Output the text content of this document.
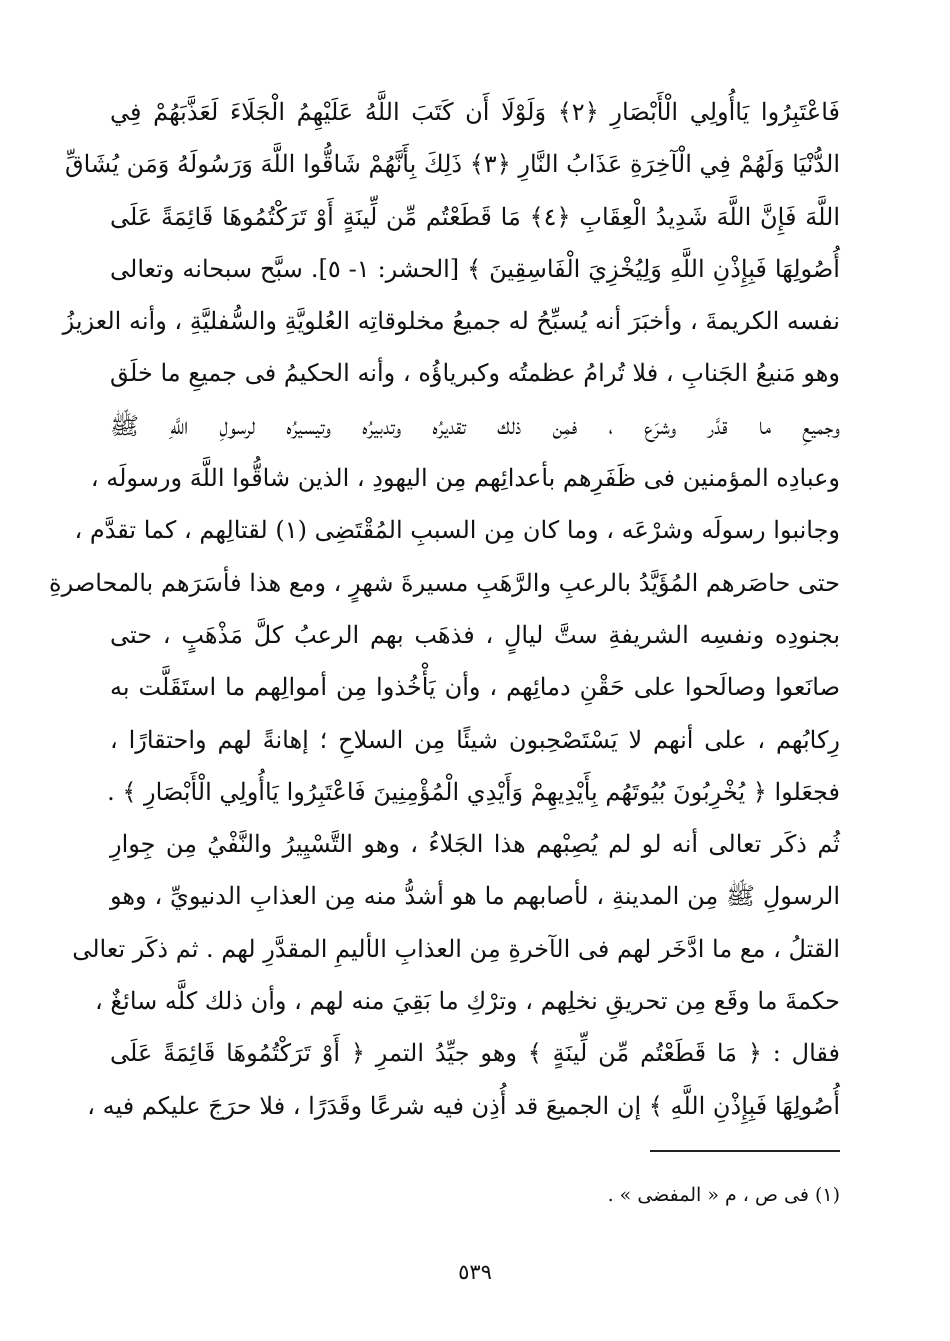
فَاعْتَبِرُوا يَاأُولِي الْأَبْصَارِ ﴿٢﴾ وَلَوْلَا أَن كَتَبَ اللَّهُ عَلَيْهِمُ الْجَلَاءَ لَعَذَّبَهُمْ فِي
الدُّنْيَا وَلَهُمْ فِي الْآخِرَةِ عَذَابُ النَّارِ ﴿٣﴾ ذَلِكَ بِأَنَّهُمْ شَاقُّوا اللَّهَ وَرَسُولَهُ وَمَن يُشَاقِّ
اللَّهَ فَإِنَّ اللَّهَ شَدِيدُ الْعِقَابِ ﴿٤﴾ مَا قَطَعْتُم مِّن لِّينَةٍ أَوْ تَرَكْتُمُوهَا قَائِمَةً عَلَى
أُصُولِهَا فَبِإِذْنِ اللَّهِ وَلِيُخْزِيَ الْفَاسِقِينَ ﴾ [الحشر: ١- ٥]. سبَّح سبحانه وتعالى
نفسه الكريمةَ ، وأخبَرَ أنه يُسبِّحُ له جميعُ مخلوقاتِه العُلويَّةِ والسُّفليَّةِ ، وأنه العزيزُ
وهو مَنيعُ الجَنابِ ، فلا تُرامُ عظمتُه وكبرياؤُه ، وأنه الحكيمُ فى جميعِ ما خلَق
وجميعِ ما قدَّر وشرَع ، فمِن ذلك تقديرُه وتدبيرُه وتيسيرُه لرسولِ اللَّهِ ﷺ
وعبادِه المؤمنين فى ظَفَرِهم بأعدائِهم مِن اليهودِ ، الذين شاقُّوا اللَّهَ ورسولَه ،
وجانبوا رسولَه وشرْعَه ، وما كان مِن السببِ المُقْتَضِى (١) لقتالِهم ، كما تقدَّم ،
حتى حاصَرهم المُؤَيَّدُ بالرعبِ والرَّهَبِ مسيرةَ شهرٍ ، ومع هذا فأسَرَهم بالمحاصرةِ
بجنودِه ونفسِه الشريفةِ ستَّ ليالٍ ، فذهَب بهم الرعبُ كلَّ مَذْهَبٍ ، حتى
صانَعوا وصالَحوا على حَقْنِ دمائِهم ، وأن يَأْخُذوا مِن أموالِهم ما استَقَلَّت به
رِكابُهم ، على أنهم لا يَسْتَصْحِبون شيئًا مِن السلاحِ ؛ إهانةً لهم واحتقارًا ،
فجعَلوا ﴿ يُخْرِبُونَ بُيُوتَهُم بِأَيْدِيهِمْ وَأَيْدِي الْمُؤْمِنِينَ فَاعْتَبِرُوا يَاأُولِي الْأَبْصَارِ ﴾ .
ثُم ذكَر تعالى أنه لو لم يُصِبْهم هذا الجَلاءُ ، وهو التَّسْيِيرُ والنَّفْيُ مِن جِوارِ
الرسولِ ﷺ مِن المدينةِ ، لأصابهم ما هو أشدُّ منه مِن العذابِ الدنيويِّ ، وهو
القتلُ ، مع ما ادَّخَر لهم فى الآخرةِ مِن العذابِ الأليمِ المقدَّرِ لهم . ثم ذكَر تعالى
حكمةَ ما وقَع مِن تحريقِ نخلِهم ، وترْكِ ما بَقِيَ منه لهم ، وأن ذلك كلَّه سائغٌ ،
فقال : ﴿ مَا قَطَعْتُم مِّن لِّينَةٍ ﴾ وهو جيِّدُ التمرِ ﴿ أَوْ تَرَكْتُمُوهَا قَائِمَةً عَلَى
أُصُولِهَا فَبِإِذْنِ اللَّهِ ﴾ إن الجميعَ قد أُذِن فيه شرعًا وقَدَرًا ، فلا حرَجَ عليكم فيه ،
(١) فى ص ، م « المفضى » .
٥٣٩
